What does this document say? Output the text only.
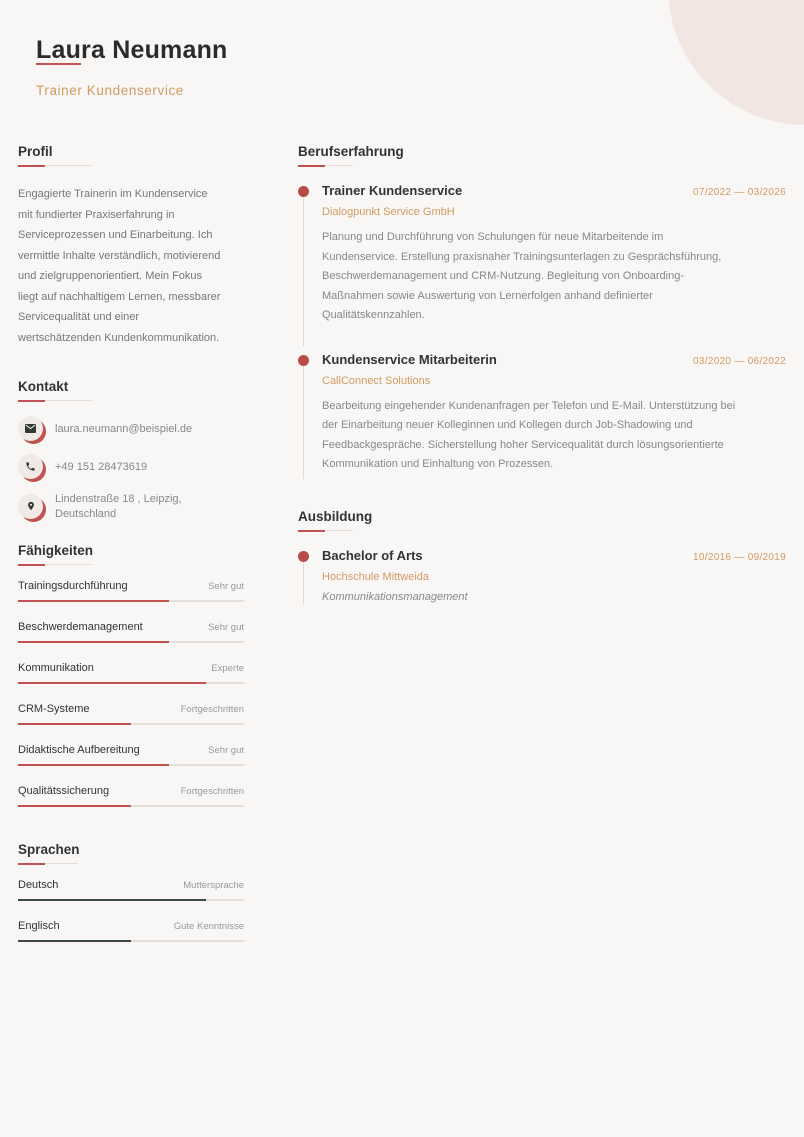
Laura Neumann
Trainer Kundenservice
Profil
Engagierte Trainerin im Kundenservice
mit fundierter Praxiserfahrung in
Serviceprozessen und Einarbeitung. Ich
vermittle Inhalte verständlich, motivierend
und zielgruppenorientiert. Mein Fokus
liegt auf nachhaltigem Lernen, messbarer
Servicequalität und einer
wertschätzenden Kundenkommunikation.
Kontakt
laura.neumann@beispiel.de
+49 151 28473619
Lindenstraße 18 , Leipzig,
Deutschland
Fähigkeiten
Trainingsdurchführung	Sehr gut
Beschwerdemanagement	Sehr gut
Kommunikation	Experte
CRM-Systeme	Fortgeschritten
Didaktische Aufbereitung	Sehr gut
Qualitätssicherung	Fortgeschritten
Sprachen
Deutsch	Muttersprache
Englisch	Gute Kenntnisse
Berufserfahrung
Trainer Kundenservice	07/2022 — 03/2026
Dialogpunkt Service GmbH
Planung und Durchführung von Schulungen für neue Mitarbeitende im
Kundenservice. Erstellung praxisnaher Trainingsunterlagen zu Gesprächsführung,
Beschwerdemanagement und CRM-Nutzung. Begleitung von Onboarding-
Maßnahmen sowie Auswertung von Lernerfolgen anhand definierter
Qualitätskennzahlen.
Kundenservice Mitarbeiterin	03/2020 — 06/2022
CallConnect Solutions
Bearbeitung eingehender Kundenanfragen per Telefon und E-Mail. Unterstützung bei
der Einarbeitung neuer Kolleginnen und Kollegen durch Job-Shadowing und
Feedbackgespräche. Sicherstellung hoher Servicequalität durch lösungsorientierte
Kommunikation und Einhaltung von Prozessen.
Ausbildung
Bachelor of Arts	10/2016 — 09/2019
Hochschule Mittweida
Kommunikationsmanagement
